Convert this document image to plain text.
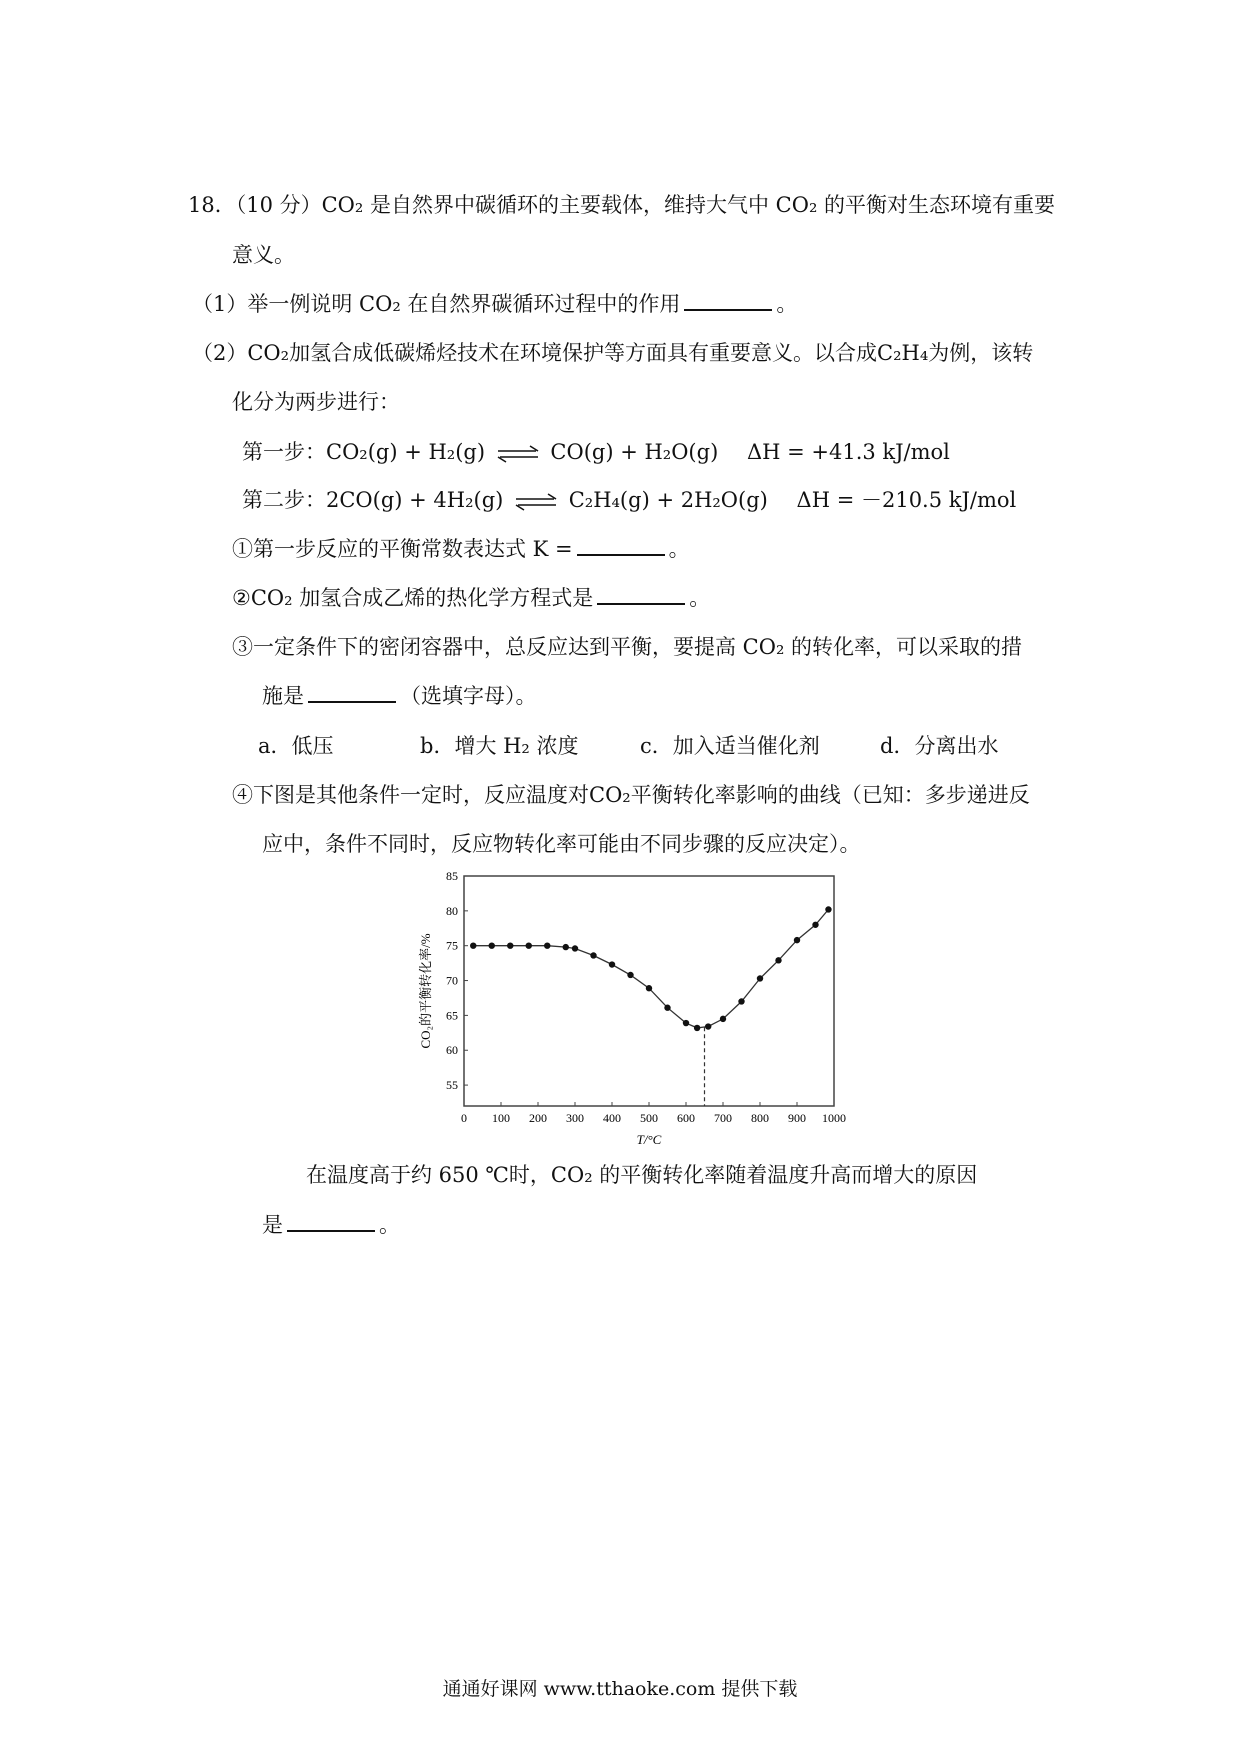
18．（10 分）CO₂ 是自然界中碳循环的主要载体，维持大气中 CO₂ 的平衡对生态环境有重要
意义。
（1）举一例说明 CO₂ 在自然界碳循环过程中的作用	。
（2）CO₂加氢合成低碳烯烃技术在环境保护等方面具有重要意义。以合成C₂H₄为例，该转
化分为两步进行：
第一步：CO₂(g) + H₂(g) ⇌ CO(g) + H₂O(g) ΔH = +41.3 kJ/mol
第二步：2CO(g) + 4H₂(g) ⇌ C₂H₄(g) + 2H₂O(g) ΔH = －210.5 kJ/mol
①第一步反应的平衡常数表达式 K =	。
②CO₂ 加氢合成乙烯的热化学方程式是	。
③一定条件下的密闭容器中，总反应达到平衡，要提高 CO₂ 的转化率，可以采取的措
施是	（选填字母）。
a．低压	b．增大 H₂ 浓度	c．加入适当催化剂	d．分离出水
④下图是其他条件一定时，反应温度对CO₂平衡转化率影响的曲线（已知：多步递进反
应中，条件不同时，反应物转化率可能由不同步骤的反应决定）。
0 100 200 300 400 500 600 700 800 900 1000
55
60
65
70
75
80
85
T/°C
CO₂的平衡转化率/%
在温度高于约 650 ℃时，CO₂ 的平衡转化率随着温度升高而增大的原因
是	。
通通好课网 www.tthaoke.com 提供下载
